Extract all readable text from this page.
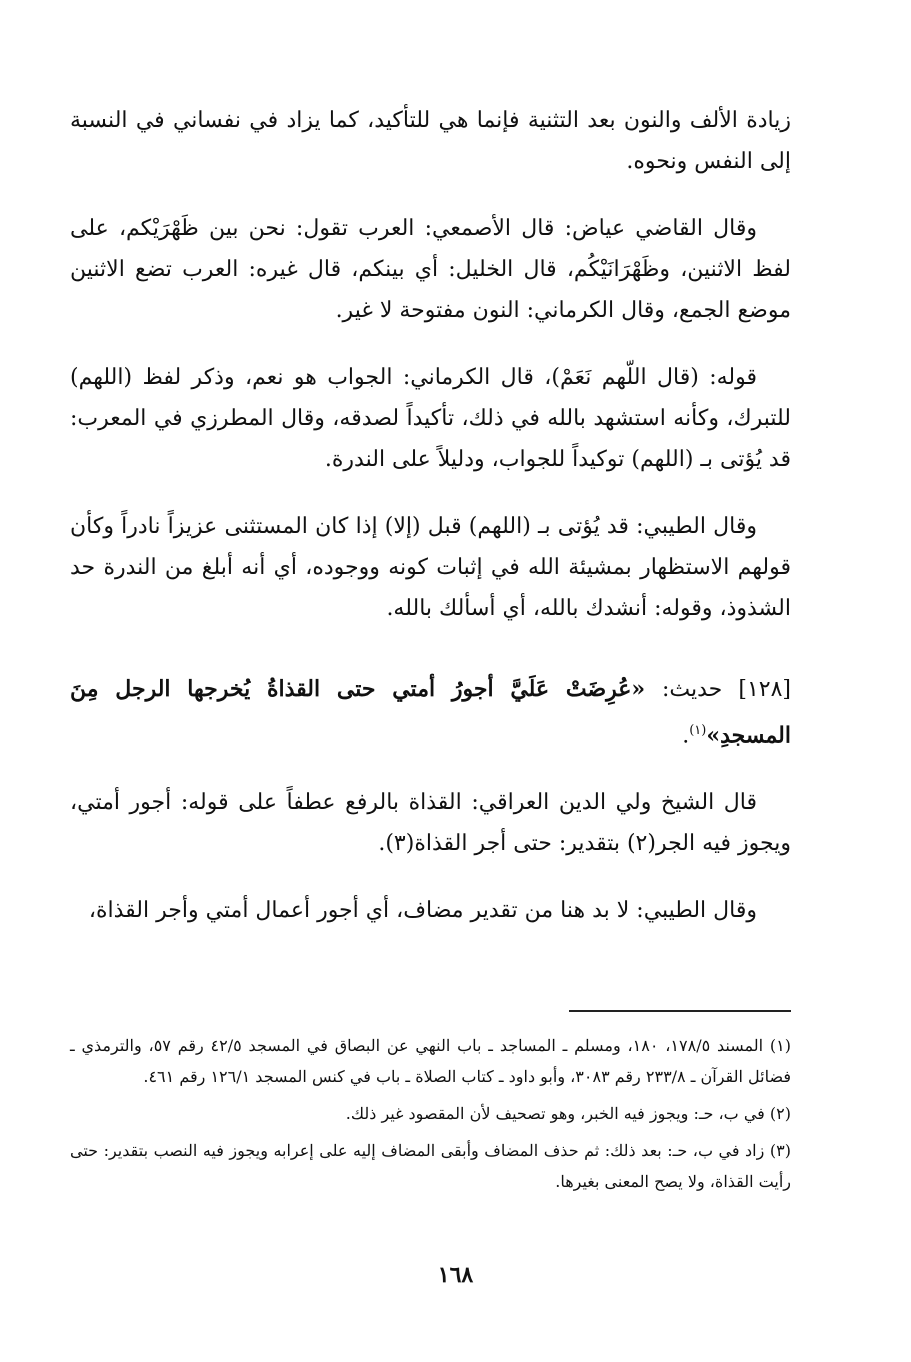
زيادة الألف والنون بعد التثنية فإنما هي للتأكيد، كما يزاد في نفساني في النسبة إلى النفس ونحوه.

وقال القاضي عياض: قال الأصمعي: العرب تقول: نحن بين ظَهْرَيْكم، على لفظ الاثنين، وظَهْرَانَيْكُم، قال الخليل: أي بينكم، قال غيره: العرب تضع الاثنين موضع الجمع، وقال الكرماني: النون مفتوحة لا غير.

قوله: (قال اللّهم نَعَمْ)، قال الكرماني: الجواب هو نعم، وذكر لفظ (اللهم) للتبرك، وكأنه استشهد بالله في ذلك، تأكيداً لصدقه، وقال المطرزي في المعرب: قد يُؤتى بـ (اللهم) توكيداً للجواب، ودليلاً على الندرة.

وقال الطيبي: قد يُؤتى بـ (اللهم) قبل (إلا) إذا كان المستثنى عزيزاً نادراً وكأن قولهم الاستظهار بمشيئة الله في إثبات كونه ووجوده، أي أنه أبلغ من الندرة حد الشذوذ، وقوله: أنشدك بالله، أي أسألك بالله.

[١٢٨] حديث: «عُرِضَتْ عَلَيَّ أجورُ أمتي حتى القذاةُ يُخرجها الرجل مِنَ المسجدِ»$^{(١)}$.

قال الشيخ ولي الدين العراقي: القذاة بالرفع عطفاً على قوله: أجور أمتي، ويجوز فيه الجر(٢) بتقدير: حتى أجر القذاة(٣).

وقال الطيبي: لا بد هنا من تقدير مضاف، أي أجور أعمال أمتي وأجر القذاة،

(١) المسند ١٧٨/٥، ١٨٠، ومسلم ـ المساجد ـ باب النهي عن البصاق في المسجد ٤٢/٥ رقم ٥٧، والترمذي ـ فضائل القرآن ـ ٢٣٣/٨ رقم ٣٠٨٣، وأبو داود ـ كتاب الصلاة ـ باب في كنس المسجد ١٢٦/١ رقم ٤٦١.

(٢) في ب، حـ: ويجوز فيه الخبر، وهو تصحيف لأن المقصود غير ذلك.

(٣) زاد في ب، حـ: بعد ذلك: ثم حذف المضاف وأبقى المضاف إليه على إعرابه ويجوز فيه النصب بتقدير: حتى رأيت القذاة، ولا يصح المعنى بغيرها.

١٦٨
